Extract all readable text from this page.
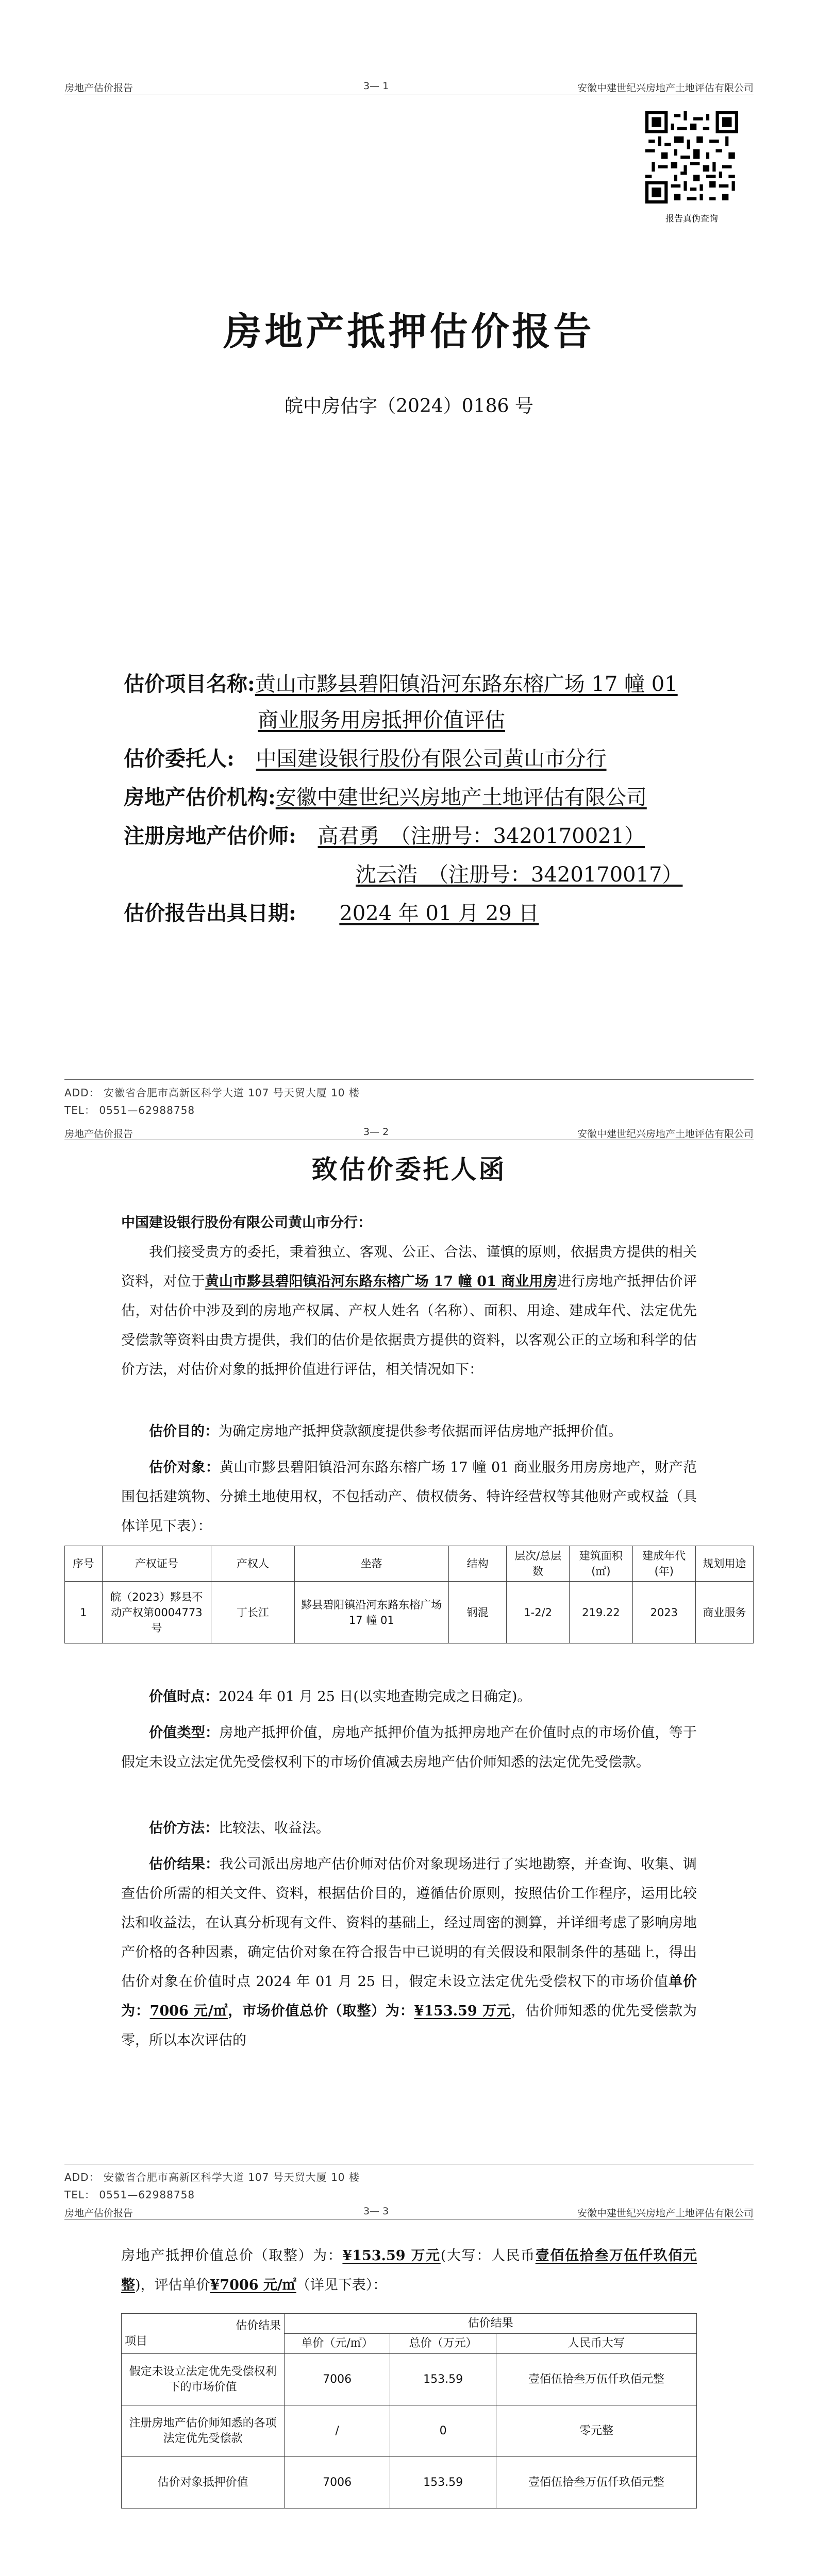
房地产估价报告	3— 1	安徽中建世纪兴房地产土地评估有限公司
报告真伪查询
房地产抵押估价报告
皖中房估字（2024）0186 号
估价项目名称:黄山市黟县碧阳镇沿河东路东榕广场 17 幢 01
商业服务用房抵押价值评估
估价委托人: 中国建设银行股份有限公司黄山市分行
房地产估价机构:安徽中建世纪兴房地产土地评估有限公司
注册房地产估价师: 高君勇　（注册号：3420170021）
沈云浩　（注册号：3420170017）
估价报告出具日期: 2024 年 01 月 29 日
ADD： 安徽省合肥市高新区科学大道 107 号天贸大厦 10 楼
TEL： 0551—62988758
房地产估价报告	3— 2	安徽中建世纪兴房地产土地评估有限公司
致估价委托人函
中国建设银行股份有限公司黄山市分行：
我们接受贵方的委托，秉着独立、客观、公正、合法、谨慎的原则，依据贵方提供的相关资料，对位于黄山市黟县碧阳镇沿河东路东榕广场 17 幢 01 商业用房进行房地产抵押估价评估，对估价中涉及到的房地产权属、产权人姓名（名称）、面积、用途、建成年代、法定优先受偿款等资料由贵方提供，我们的估价是依据贵方提供的资料，以客观公正的立场和科学的估价方法，对估价对象的抵押价值进行评估，相关情况如下：
估价目的：为确定房地产抵押贷款额度提供参考依据而评估房地产抵押价值。
估价对象：黄山市黟县碧阳镇沿河东路东榕广场 17 幢 01 商业服务用房房地产，财产范围包括建筑物、分摊土地使用权，不包括动产、债权债务、特许经营权等其他财产或权益（具体详见下表）：
序号	产权证号	产权人	坐落	结构	层次/总层数	建筑面积(㎡)	建成年代(年)	规划用途
1	皖（2023）黟县不动产权第0004773 号	丁长江	黟县碧阳镇沿河东路东榕广场 17 幢 01	钢混	1-2/2	219.22	2023	商业服务
价值时点：2024 年 01 月 25 日(以实地查勘完成之日确定)。
价值类型：房地产抵押价值，房地产抵押价值为抵押房地产在价值时点的市场价值，等于假定未设立法定优先受偿权利下的市场价值减去房地产估价师知悉的法定优先受偿款。
估价方法：比较法、收益法。
估价结果：我公司派出房地产估价师对估价对象现场进行了实地勘察，并查询、收集、调查估价所需的相关文件、资料，根据估价目的，遵循估价原则，按照估价工作程序，运用比较法和收益法，在认真分析现有文件、资料的基础上，经过周密的测算，并详细考虑了影响房地产价格的各种因素，确定估价对象在符合报告中已说明的有关假设和限制条件的基础上，得出估价对象在价值时点 2024 年 01 月 25 日，假定未设立法定优先受偿权下的市场价值单价为：7006 元/㎡，市场价值总价（取整）为：¥153.59 万元，估价师知悉的优先受偿款为零，所以本次评估的
ADD： 安徽省合肥市高新区科学大道 107 号天贸大厦 10 楼
TEL： 0551—62988758
房地产估价报告	3— 3	安徽中建世纪兴房地产土地评估有限公司
房地产抵押价值总价（取整）为：¥153.59 万元(大写：人民币壹佰伍拾叁万伍仟玖佰元整)，评估单价¥7006 元/㎡（详见下表）：
估价结果
项目	估价结果		
	单价（元/㎡）	总价（万元）	人民币大写
假定未设立法定优先受偿权利下的市场价值	7006	153.59	壹佰伍拾叁万伍仟玖佰元整
注册房地产估价师知悉的各项法定优先受偿款	/	0	零元整
估价对象抵押价值	7006	153.59	壹佰伍拾叁万伍仟玖佰元整
